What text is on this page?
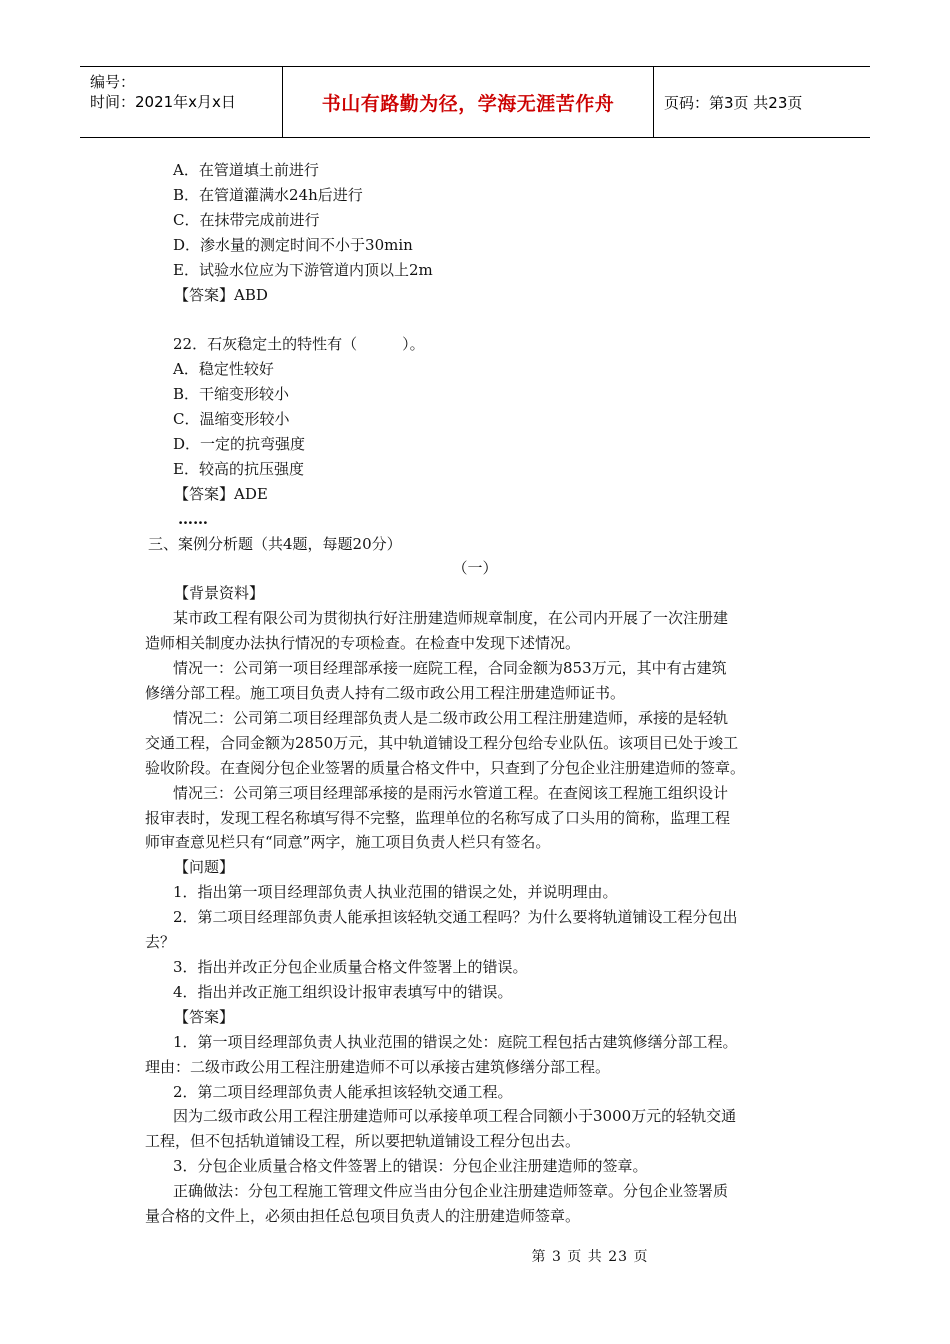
编号：
时间：2021年x月x日	书山有路勤为径，学海无涯苦作舟	页码：第3页 共23页
A．在管道填土前进行
B．在管道灌满水24h后进行
C．在抹带完成前进行
D．渗水量的测定时间不小于30min
E．试验水位应为下游管道内顶以上2m
【答案】ABD
22．石灰稳定土的特性有（　　　）。
A．稳定性较好
B．干缩变形较小
C．温缩变形较小
D．一定的抗弯强度
E．较高的抗压强度
【答案】ADE
……
三、案例分析题（共4题，每题20分）
（一）
【背景资料】
某市政工程有限公司为贯彻执行好注册建造师规章制度，在公司内开展了一次注册建
造师相关制度办法执行情况的专项检查。在检查中发现下述情况。
情况一：公司第一项目经理部承接一庭院工程，合同金额为853万元，其中有古建筑
修缮分部工程。施工项目负责人持有二级市政公用工程注册建造师证书。
情况二：公司第二项目经理部负责人是二级市政公用工程注册建造师，承接的是轻轨
交通工程，合同金额为2850万元，其中轨道铺设工程分包给专业队伍。该项目已处于竣工
验收阶段。在查阅分包企业签署的质量合格文件中，只查到了分包企业注册建造师的签章。
情况三：公司第三项目经理部承接的是雨污水管道工程。在查阅该工程施工组织设计
报审表时，发现工程名称填写得不完整，监理单位的名称写成了口头用的简称，监理工程
师审查意见栏只有“同意”两字，施工项目负责人栏只有签名。
【问题】
1．指出第一项目经理部负责人执业范围的错误之处，并说明理由。
2．第二项目经理部负责人能承担该轻轨交通工程吗？为什么要将轨道铺设工程分包出
去？
3．指出并改正分包企业质量合格文件签署上的错误。
4．指出并改正施工组织设计报审表填写中的错误。
【答案】
1．第一项目经理部负责人执业范围的错误之处：庭院工程包括古建筑修缮分部工程。
理由：二级市政公用工程注册建造师不可以承接古建筑修缮分部工程。
2．第二项目经理部负责人能承担该轻轨交通工程。
因为二级市政公用工程注册建造师可以承接单项工程合同额小于3000万元的轻轨交通
工程，但不包括轨道铺设工程，所以要把轨道铺设工程分包出去。
3．分包企业质量合格文件签署上的错误：分包企业注册建造师的签章。
正确做法：分包工程施工管理文件应当由分包企业注册建造师签章。分包企业签署质
量合格的文件上，必须由担任总包项目负责人的注册建造师签章。
第 3 页 共 23 页
